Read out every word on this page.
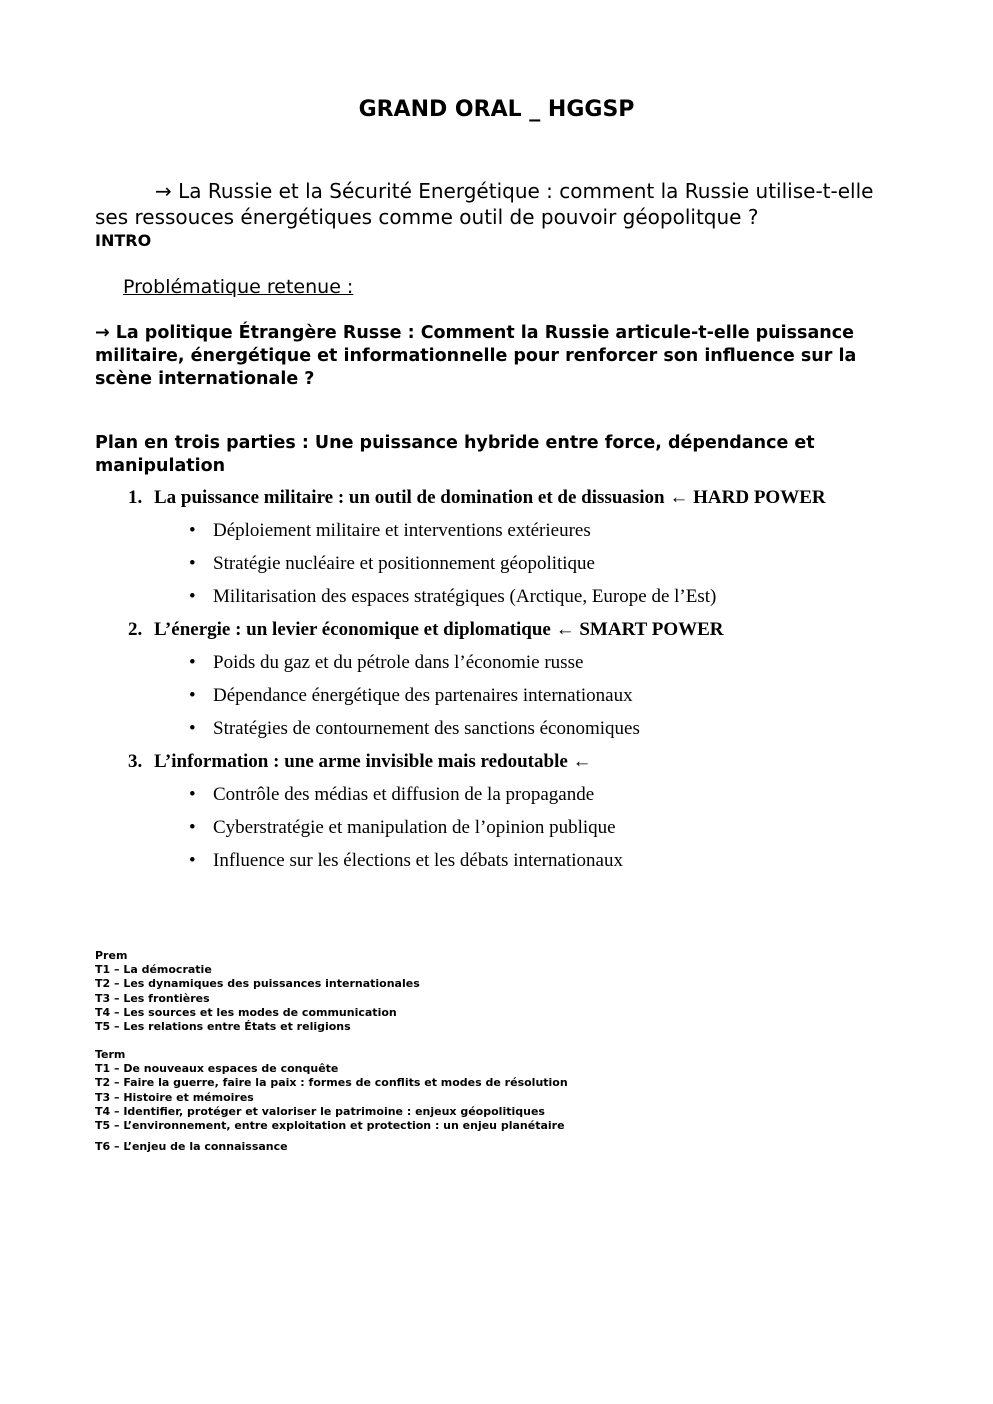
GRAND ORAL _ HGGSP

→ La Russie et la Sécurité Energétique : comment la Russie utilise-t-elle ses ressouces énergétiques comme outil de pouvoir géopolitque ?

INTRO

Problématique retenue :

→ La politique Étrangère Russe : Comment la Russie articule-t-elle puissance militaire, énergétique et informationnelle pour renforcer son influence sur la scène internationale ?

Plan en trois parties : Une puissance hybride entre force, dépendance et manipulation

1. La puissance militaire : un outil de domination et de dissuasion ← HARD POWER
• Déploiement militaire et interventions extérieures
• Stratégie nucléaire et positionnement géopolitique
• Militarisation des espaces stratégiques (Arctique, Europe de l’Est)
2. L’énergie : un levier économique et diplomatique ← SMART POWER
• Poids du gaz et du pétrole dans l’économie russe
• Dépendance énergétique des partenaires internationaux
• Stratégies de contournement des sanctions économiques
3. L’information : une arme invisible mais redoutable ←
• Contrôle des médias et diffusion de la propagande
• Cyberstratégie et manipulation de l’opinion publique
• Influence sur les élections et les débats internationaux
Prem
T1 – La démocratie
T2 – Les dynamiques des puissances internationales
T3 – Les frontières
T4 – Les sources et les modes de communication
T5 – Les relations entre États et religions
Term
T1 – De nouveaux espaces de conquête
T2 – Faire la guerre, faire la paix : formes de conflits et modes de résolution
T3 – Histoire et mémoires
T4 – Identifier, protéger et valoriser le patrimoine : enjeux géopolitiques
T5 – L’environnement, entre exploitation et protection : un enjeu planétaire
T6 – L’enjeu de la connaissance
